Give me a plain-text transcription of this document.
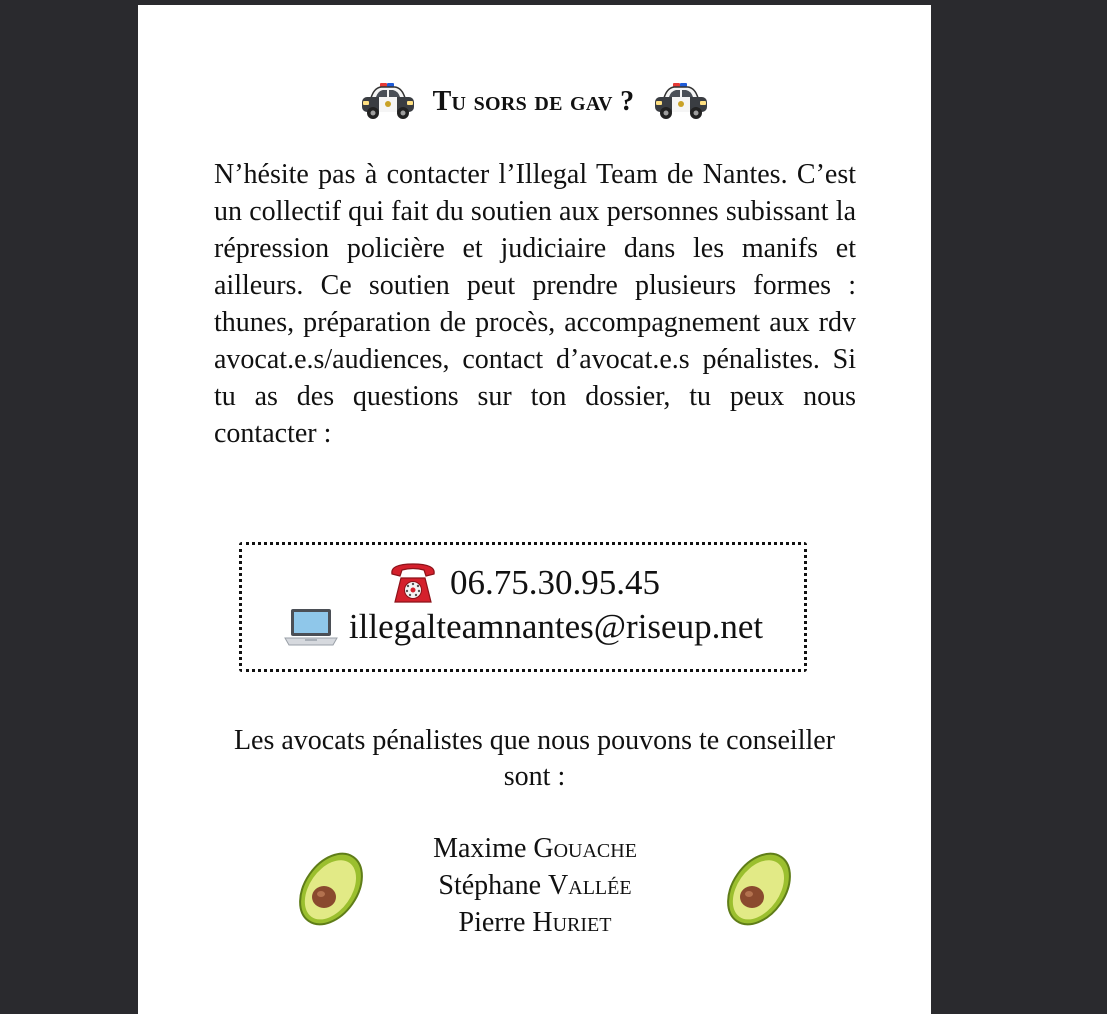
Tu sors de gav ?

N’hésite pas à contacter l’Illegal Team de Nantes. C’est un collectif qui fait du soutien aux personnes subissant la répression policière et judiciaire dans les manifs et ailleurs. Ce soutien peut prendre plusieurs formes : thunes, préparation de procès, accompagnement aux rdv avocat.e.s/audiences, contact d’avocat.e.s pénalistes. Si tu as des questions sur ton dossier, tu peux nous contacter :

06.75.30.95.45
illegalteamnantes@riseup.net

Les avocats pénalistes que nous pouvons te conseiller sont :

Maxime Gouache
Stéphane Vallée
Pierre Huriet
